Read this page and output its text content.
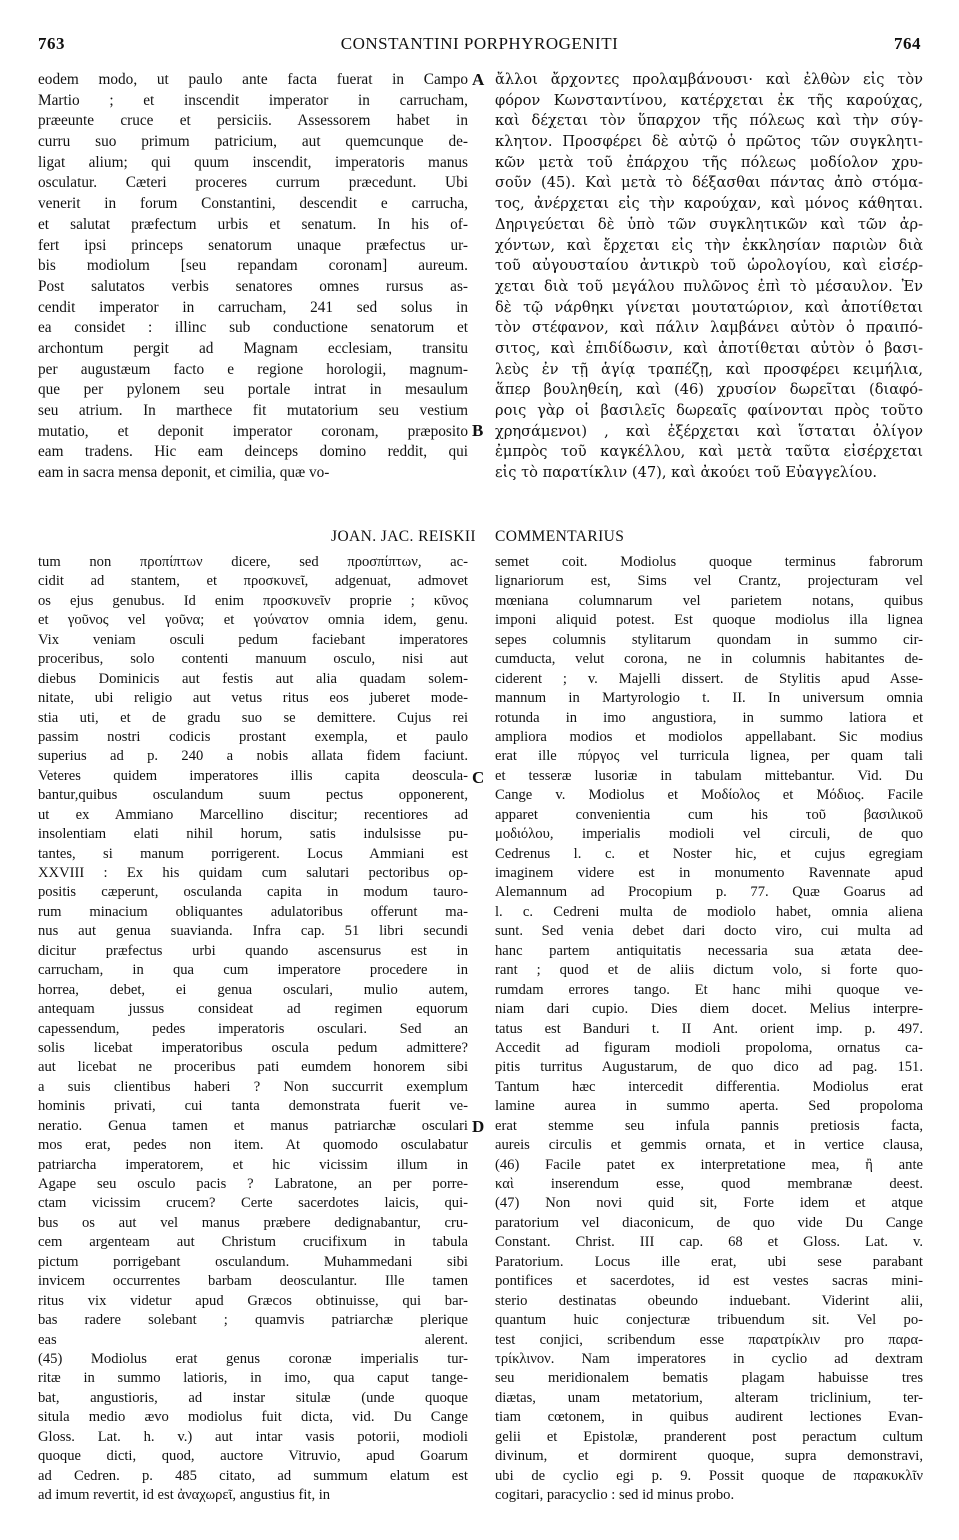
763	CONSTANTINI PORPHYROGENITI	764
eodem modo, ut paulo ante facta fuerat in Campo
Martio ; et inscendit imperator in carrucham,
præeunte cruce et persiciis. Assessorem habet in
curru suo primum patricium, aut quemcunque de-
ligat alium; qui quum inscendit, imperatoris manus
osculatur. Cæteri proceres currum præcedunt. Ubi
venerit in forum Constantini, descendit e carrucha,
et salutat præfectum urbis et senatum. In his of-
fert ipsi princeps senatorum unaque præfectus ur-
bis modiolum [seu repandam coronam] aureum.
Post salutatos verbis senatores omnes rursus as-
cendit imperator in carrucham, 241 sed solus in
ea considet : illinc sub conductione senatorum et
archontum pergit ad Magnam ecclesiam, transitu
per augustæum facto e regione horologii, magnum-
que per pylonem seu portale intrat in mesaulum
seu atrium. In marthece fit mutatorium seu vestium
mutatio, et deponit imperator coronam, præposito
eam tradens. Hic eam deinceps domino reddit, qui
eam in sacra mensa deponit, et cimilia, quæ vo-
ἄλλοι ἄρχοντες προλαμβάνουσι· καὶ ἐλθὼν εἰς τὸν
φόρον Κωνσταντίνου, κατέρχεται ἐκ τῆς καρούχας,
καὶ δέχεται τὸν ὕπαρχον τῆς πόλεως καὶ τὴν σύγ-
κλητον. Προσφέρει δὲ αὐτῷ ὁ πρῶτος τῶν συγκλητι-
κῶν μετὰ τοῦ ἐπάρχου τῆς πόλεως μοδίολον χρυ-
σοῦν (45). Καὶ μετὰ τὸ δέξασθαι πάντας ἀπὸ στόμα-
τος, ἀνέρχεται εἰς τὴν καρούχαν, καὶ μόνος κάθηται.
Δηριγεύεται δὲ ὑπὸ τῶν συγκλητικῶν καὶ τῶν ἀρ-
χόντων, καὶ ἔρχεται εἰς τὴν ἐκκλησίαν παριὼν διὰ
τοῦ αὐγουσταίου ἀντικρὺ τοῦ ὡρολογίου, καὶ εἰσέρ-
χεται διὰ τοῦ μεγάλου πυλῶνος ἐπὶ τὸ μέσαυλον. Ἐν
δὲ τῷ νάρθηκι γίνεται μουτατώριον, καὶ ἀποτίθεται
τὸν στέφανον, καὶ πάλιν λαμβάνει αὐτὸν ὁ πραιπό-
σιτος, καὶ ἐπιδίδωσιν, καὶ ἀποτίθεται αὐτὸν ὁ βασι-
λεὺς ἐν τῇ ἁγίᾳ τραπέζῃ, καὶ προσφέρει κειμήλια,
ἅπερ βουληθείη, καὶ (46) χρυσίον δωρεῖται (διαφό-
ροις γὰρ οἱ βασιλεῖς δωρεαῖς φαίνονται πρὸς τοῦτο
χρησάμενοι) , καὶ ἐξέρχεται καὶ ἵσταται ὀλίγον
ἐμπρὸς τοῦ καγκέλλου, καὶ μετὰ ταῦτα εἰσέρχεται
εἰς τὸ παρατίκλιν (47), καὶ ἀκούει τοῦ Εὐαγγελίου.
A
B
C
D
JOAN. JAC. REISKII COMMENTARIUS
tum non προπίπτων dicere, sed προσπίπτων, ac-
cidit ad stantem, et προσκυνεῖ, adgenuat, admovet
os ejus genubus. Id enim προσκυνεῖν proprie ; κῦνος
et γοῦνος vel γοῦνα; et γούνατον omnia idem, genu.
Vix veniam osculi pedum faciebant imperatores
proceribus, solo contenti manuum osculo, nisi aut
diebus Dominicis aut festis aut alia quadam solem-
nitate, ubi religio aut vetus ritus eos juberet mode-
stia uti, et de gradu suo se demittere. Cujus rei
passim nostri codicis prostant exempla, et paulo
superius ad p. 240 a nobis allata fidem faciunt.
Veteres quidem imperatores illis capita deoscula-
bantur,quibus osculandum suum pectus opponerent,
ut ex Ammiano Marcellino discitur; recentiores ad
insolentiam elati nihil horum, satis indulsisse pu-
tantes, si manum porrigerent. Locus Ammiani est
XXVIII : Ex his quidam cum salutari pectoribus op-
positis cæperunt, osculanda capita in modum tauro-
rum minacium obliquantes adulatoribus offerunt ma-
nus aut genua suavianda. Infra cap. 51 libri secundi
dicitur præfectus urbi quando ascensurus est in
carrucham, in qua cum imperatore procedere in
horrea, debet, ei genua osculari, mulio autem,
antequam jussus consideat ad regimen equorum
capessendum, pedes imperatoris osculari. Sed an
solis licebat imperatoribus oscula pedum admittere?
aut licebat ne proceribus pati eumdem honorem sibi
a suis clientibus haberi ? Non succurrit exemplum
hominis privati, cui tanta demonstrata fuerit ve-
neratio. Genua tamen et manus patriarchæ osculari
mos erat, pedes non item. At quomodo osculabatur
patriarcha imperatorem, et hic vicissim illum in
Agape seu osculo pacis ? Labratone, an per porre-
ctam vicissim crucem? Certe sacerdotes laicis, qui-
bus os aut vel manus præbere dedignabantur, cru-
cem argenteam aut Christum crucifixum in tabula
pictum porrigebant osculandum. Muhammedani sibi
invicem occurrentes barbam deosculantur. Ille tamen
ritus vix videtur apud Græcos obtinuisse, qui bar-
bas radere solebant ; quamvis patriarchæ plerique
eas alerent.
(45) Modiolus erat genus coronæ imperialis tur-
ritæ in summo latioris, in imo, qua caput tange-
bat, angustioris, ad instar situlæ (unde quoque
situla medio ævo modiolus fuit dicta, vid. Du Cange
Gloss. Lat. h. v.) aut intar vasis potorii, modioli
quoque dicti, quod, auctore Vitruvio, apud Goarum
ad Cedren. p. 485 citato, ad summum elatum est
ad imum revertit, id est ἀναχωρεῖ, angustius fit, in
semet coit. Modiolus quoque terminus fabrorum
lignariorum est, Sims vel Crantz, projecturam vel
mœniana columnarum vel parietem notans, quibus
imponi aliquid potest. Est quoque modiolus illa lignea
sepes columnis stylitarum quondam in summo cir-
cumducta, velut corona, ne in columnis habitantes de-
ciderent ; v. Majelli dissert. de Stylitis apud Asse-
mannum in Martyrologio t. II. In universum omnia
rotunda in imo angustiora, in summo latiora et
ampliora modios et modiolos appellabant. Sic modius
erat ille πύργος vel turricula lignea, per quam tali
et tesseræ lusoriæ in tabulam mittebantur. Vid. Du
Cange v. Modiolus et Μοδίολος et Μόδιος. Facile
apparet convenientia cum his τοῦ βασιλικοῦ
μοδιόλου, imperialis modioli vel circuli, de quo
Cedrenus l. c. et Noster hic, et cujus egregiam
imaginem videre est in monumento Ravennate apud
Alemannum ad Procopium p. 77. Quæ Goarus ad
l. c. Cedreni multa de modiolo habet, omnia aliena
sunt. Sed venia debet dari docto viro, cui multa ad
hanc partem antiquitatis necessaria sua ætata dee-
rant ; quod et de aliis dictum volo, si forte quo-
rumdam errores tango. Et hanc mihi quoque ve-
niam dari cupio. Dies diem docet. Melius interpre-
tatus est Banduri t. II Ant. orient imp. p. 497.
Accedit ad figuram modioli propoloma, ornatus ca-
pitis turritus Augustarum, de quo dico ad pag. 151.
Tantum hæc intercedit differentia. Modiolus erat
lamine aurea in summo aperta. Sed propoloma
erat stemme seu infula pannis pretiosis facta,
aureis circulis et gemmis ornata, et in vertice clausa,
(46) Facile patet ex interpretatione mea, ἢ ante
καὶ inserendum esse, quod membranæ deest.
(47) Non novi quid sit, Forte idem et atque
paratorium vel diaconicum, de quo vide Du Cange
Constant. Christ. III cap. 68 et Gloss. Lat. v.
Paratorium. Locus ille erat, ubi sese parabant
pontifices et sacerdotes, id est vestes sacras mini-
sterio destinatas obeundo induebant. Viderint alii,
quantum huic conjecturæ tribuendum sit. Vel po-
test conjici, scribendum esse παρατρίκλιν pro παρα-
τρίκλινον. Nam imperatores in cyclio ad dextram
seu meridionalem bematis plagam habuisse tres
diætas, unam metatorium, alteram triclinium, ter-
tiam cœtonem, in quibus audirent lectiones Evan-
gelii et Epistolæ, pranderent post peractum cultum
divinum, et dormirent quoque, supra demonstravi,
ubi de cyclio egi p. 9. Possit quoque de παρακυκλῖν
cogitari, paracyclio : sed id minus probo.
